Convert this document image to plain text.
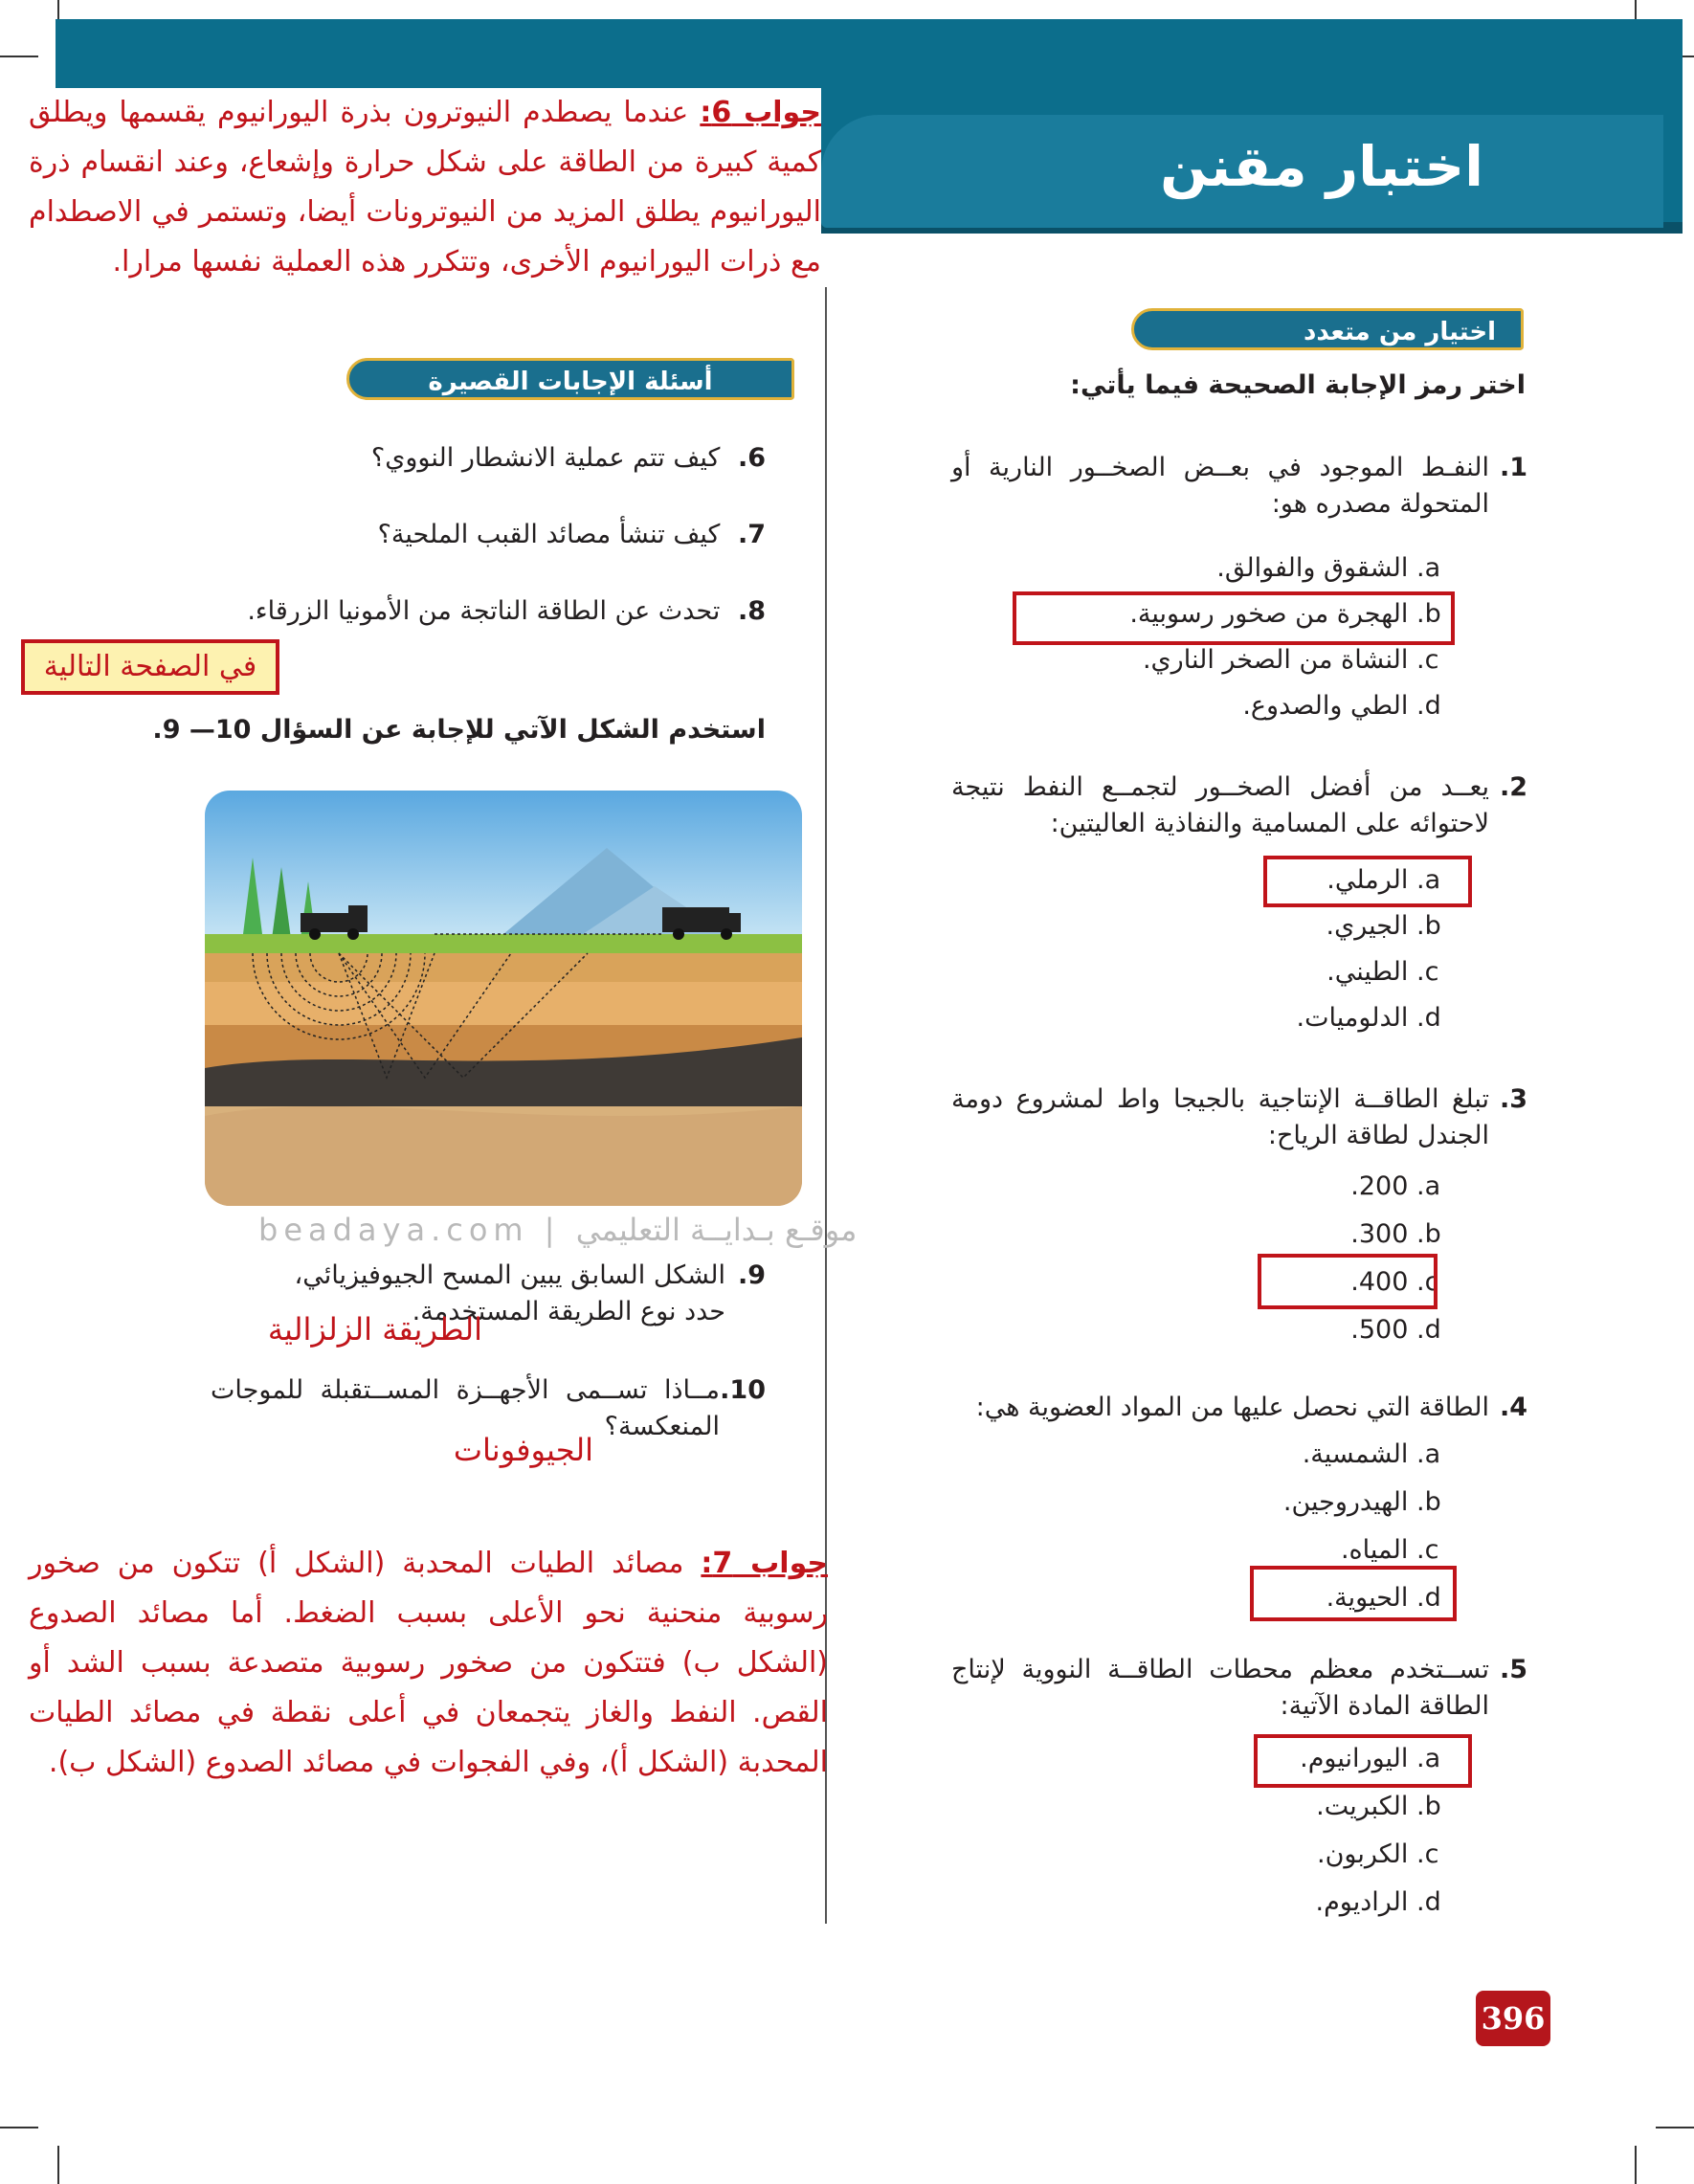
اختبار مقنن
جواب 6: عندما يصطدم النيوترون بذرة اليورانيوم يقسمها ويطلق كمية كبيرة من الطاقة على شكل حرارة وإشعاع، وعند انقسام ذرة اليورانيوم يطلق المزيد من النيوترونات أيضا، وتستمر في الاصطدام مع ذرات اليورانيوم الأخرى، وتتكرر هذه العملية نفسها مرارا.
اختيار من متعدد
اختر رمز الإجابة الصحيحة فيما يأتي:
1.
النفـط الموجود في بعــض الصخــور النارية أو المتحولة مصدره هو:
a. الشقوق والفوالق.
b. الهجرة من صخور رسوبية.
c. النشاة من الصخر الناري.
d. الطي والصدوع.
2.
يعــد من أفضل الصخــور لتجمــع النفط نتيجة لاحتوائه على المسامية والنفاذية العاليتين:
a. الرملي.
b. الجيري.
c. الطيني.
d. الدلوميات.
3.
تبلغ الطاقــة الإنتاجية بالجيجا واط لمشروع دومة الجندل لطاقة الرياح:
a. 200.
b. 300.
c. 400.
d. 500.
4.
الطاقة التي نحصل عليها من المواد العضوية هي:
a. الشمسية.
b. الهيدروجين.
c. المياه.
d. الحيوية.
5.
تســتخدم معظم محطات الطاقــة النووية لإنتاج الطاقة المادة الآتية:
a. اليورانيوم.
b. الكبريت.
c. الكربون.
d. الراديوم.
أسئلة الإجابات القصيرة
6. كيف تتم عملية الانشطار النووي؟
7. كيف تنشأ مصائد القبب الملحية؟
8. تحدث عن الطاقة الناتجة من الأمونيا الزرقاء.
في الصفحة التالية
استخدم الشكل الآتي للإجابة عن السؤال 10— 9.
beadaya.com | موقـع بـدايــة التعليمي
9.
الشكل السابق يبين المسح الجيوفيزيائي، حدد نوع الطريقة المستخدمة.
الطريقة الزلزالية
10.
مــاذا تســمى الأجهــزة المســتقبلة للموجات المنعكسة؟
الجيوفونات
جواب 7: مصائد الطيات المحدبة (الشكل أ) تتكون من صخور رسوبية منحنية نحو الأعلى بسبب الضغط. أما مصائد الصدوع (الشكل ب) فتتكون من صخور رسوبية متصدعة بسبب الشد أو القص. النفط والغاز يتجمعان في أعلى نقطة في مصائد الطيات المحدبة (الشكل أ)، وفي الفجوات في مصائد الصدوع (الشكل ب).
396
